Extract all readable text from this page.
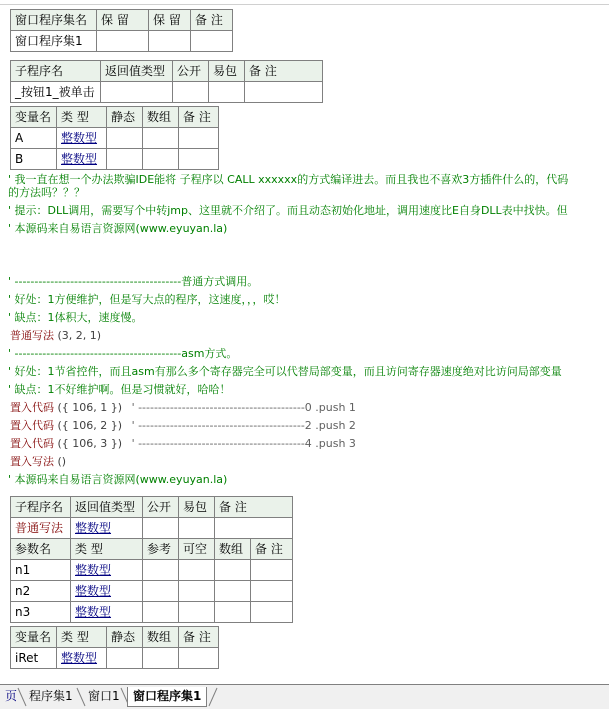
窗口程序集名	保 留	保 留	备 注
窗口程序集1			
子程序名	返回值类型	公开	易包	备 注
_按钮1_被单击				
变量名	类 型	静态	数组	备 注
A	整数型			
B	整数型			
' 我一直在想一个办法欺骗IDE能将 子程序以 CALL xxxxxx的方式编译进去。而且我也不喜欢3方插件什么的，代码
的方法吗？？？
' 提示：DLL调用，需要写个中转jmp、这里就不介绍了。而且动态初始化地址，调用速度比E自身DLL表中找快。但
' 本源码来自易语言资源网(www.eyuyan.la)
' ------------------------------------------普通方式调用。
' 好处：1方便维护，但是写大点的程序，这速度，，，哎！
' 缺点：1体积大，速度慢。
普通写法 (3, 2, 1)
' ------------------------------------------asm方式。
' 好处：1节省控件，而且asm有那么多个寄存器完全可以代替局部变量，而且访问寄存器速度绝对比访问局部变量
' 缺点：1不好维护啊。但是习惯就好，哈哈！
置入代码 ({ 106, 1 }) ' ------------------------------------------0 .push 1
置入代码 ({ 106, 2 }) ' ------------------------------------------2 .push 2
置入代码 ({ 106, 3 }) ' ------------------------------------------4 .push 3
置入写法 ()
' 本源码来自易语言资源网(www.eyuyan.la)
子程序名	返回值类型	公开	易包	备 注
普通写法	整数型			
参数名	类 型	参考	可空	数组	备 注
n1	整数型				
n2	整数型				
n3	整数型				
变量名	类 型	静态	数组	备 注
iRet	整数型			
页 程序集1	窗口1	窗口程序集1
